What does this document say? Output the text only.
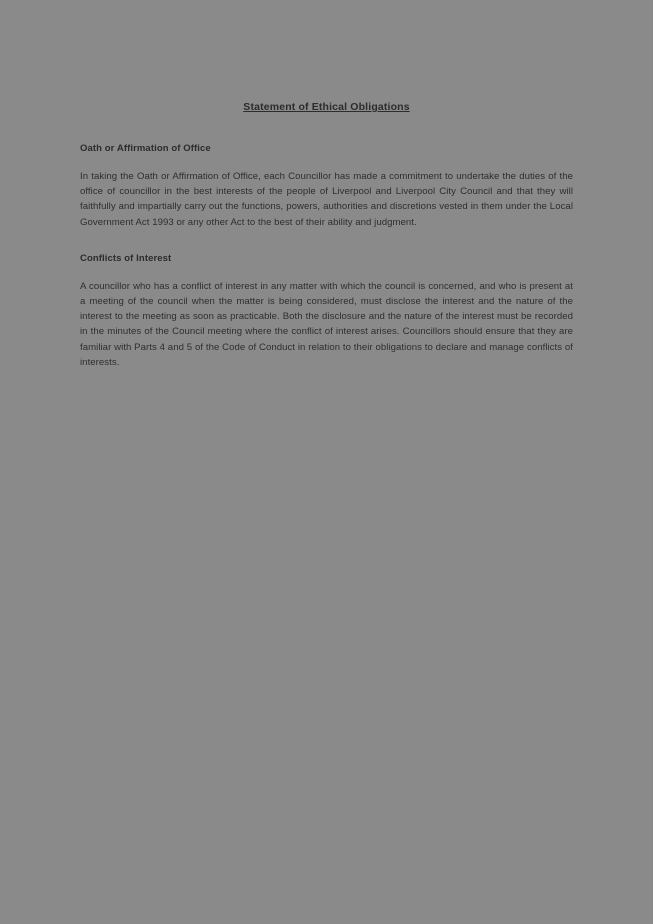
Statement of Ethical Obligations
Oath or Affirmation of Office

In taking the Oath or Affirmation of Office, each Councillor has made a commitment to undertake the duties of the office of councillor in the best interests of the people of Liverpool and Liverpool City Council and that they will faithfully and impartially carry out the functions, powers, authorities and discretions vested in them under the Local Government Act 1993 or any other Act to the best of their ability and judgment.

Conflicts of Interest

A councillor who has a conflict of interest in any matter with which the council is concerned, and who is present at a meeting of the council when the matter is being considered, must disclose the interest and the nature of the interest to the meeting as soon as practicable. Both the disclosure and the nature of the interest must be recorded in the minutes of the Council meeting where the conflict of interest arises. Councillors should ensure that they are familiar with Parts 4 and 5 of the Code of Conduct in relation to their obligations to declare and manage conflicts of interests.
